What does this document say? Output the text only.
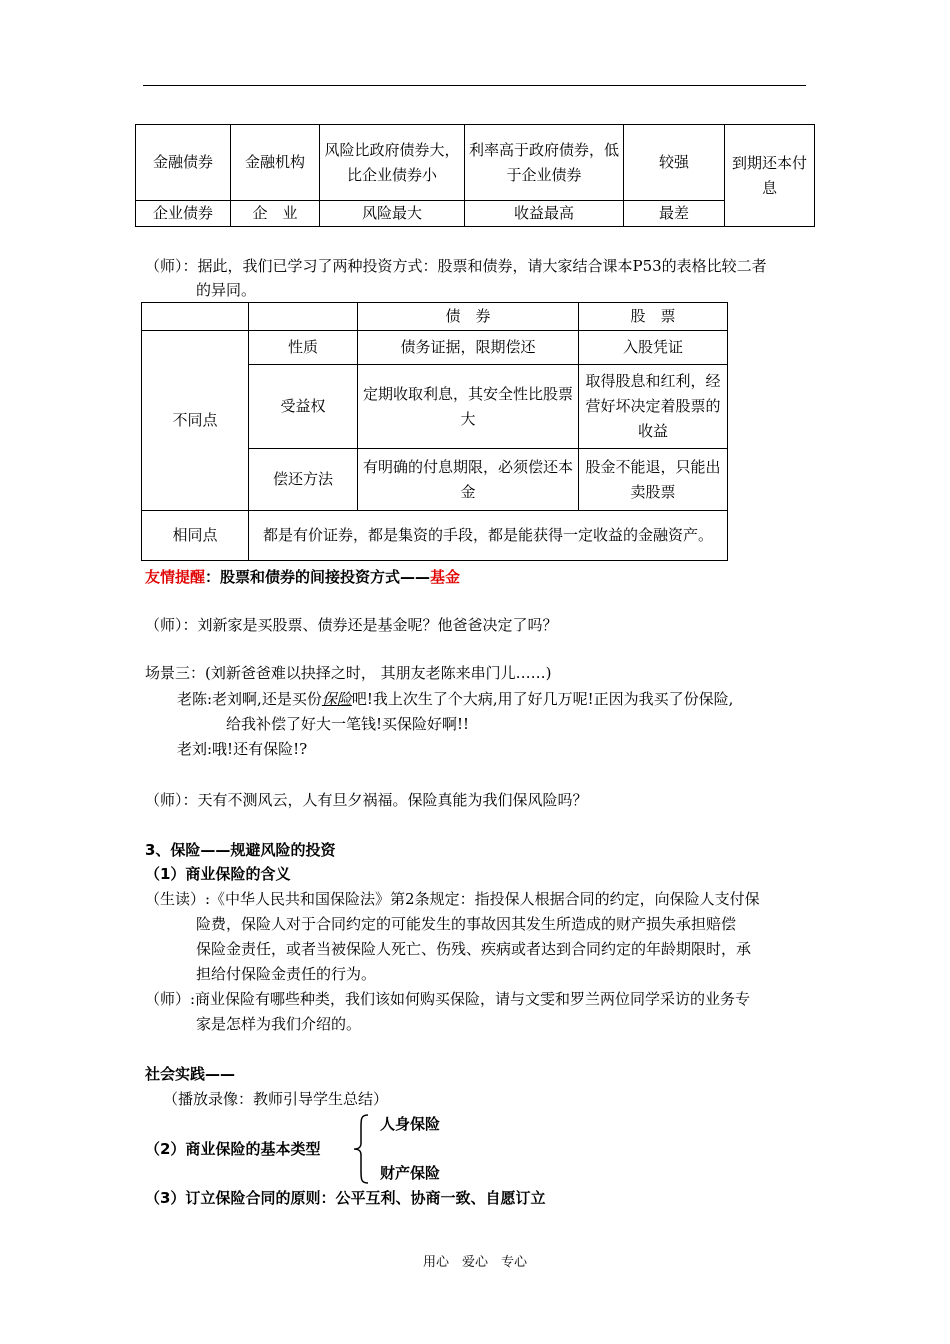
金融债券	金融机构	风险比政府债券大，比企业债券小	利率高于政府债券，低于企业债券	较强	到期还本付息
企业债券	企　业	风险最大	收益最高	最差	
（师）：据此，我们已学习了两种投资方式：股票和债券，请大家结合课本P53的表格比较二者
的异同。
		债　券	股　票
不同点	性质	债务证据，限期偿还	入股凭证
	受益权	定期收取利息，其安全性比股票大	取得股息和红利，经营好坏决定着股票的收益
	偿还方法	有明确的付息期限，必须偿还本金	股金不能退，只能出卖股票
相同点	都是有价证券，都是集资的手段，都是能获得一定收益的金融资产。		
友情提醒：股票和债券的间接投资方式——基金
（师）：刘新家是买股票、债券还是基金呢？他爸爸决定了吗？
场景三：(刘新爸爸难以抉择之时， 其朋友老陈来串门儿……)
老陈:老刘啊,还是买份保险吧!我上次生了个大病,用了好几万呢!正因为我买了份保险,
给我补偿了好大一笔钱!买保险好啊!!
老刘:哦!还有保险!?
（师）：天有不测风云，人有旦夕祸福。保险真能为我们保风险吗？
3、保险——规避风险的投资
（1）商业保险的含义
（生读）:《中华人民共和国保险法》第2条规定：指投保人根据合同的约定，向保险人支付保
险费，保险人对于合同约定的可能发生的事故因其发生所造成的财产损失承担赔偿
保险金责任，或者当被保险人死亡、伤残、疾病或者达到合同约定的年龄期限时，承
担给付保险金责任的行为。
（师）:商业保险有哪些种类，我们该如何购买保险，请与文雯和罗兰两位同学采访的业务专
家是怎样为我们介绍的。
社会实践——
（播放录像：教师引导学生总结）
人身保险
（2）商业保险的基本类型
财产保险
（3）订立保险合同的原则：公平互利、协商一致、自愿订立
用心　爱心　专心
